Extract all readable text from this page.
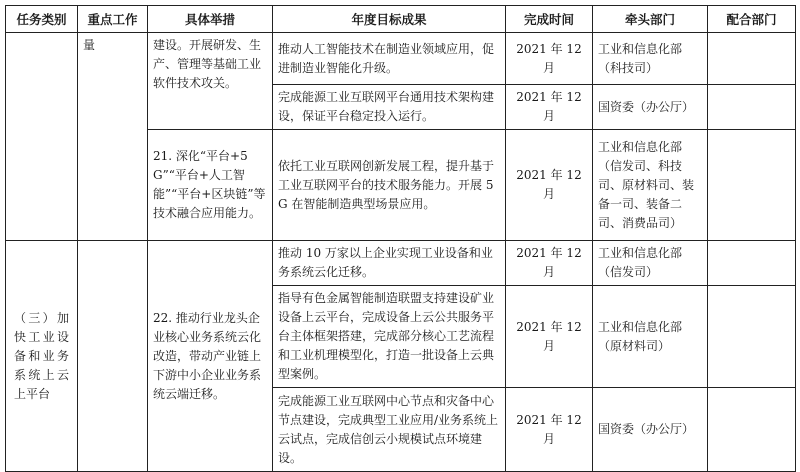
任务类别	重点工作	具体举措	年度目标成果	完成时间	牵头部门	配合部门
	量	建设。开展研发、生产、管理等基础工业软件技术攻关。	推动人工智能技术在制造业领域应用，促进制造业智能化升级。	2021 年 12 月	工业和信息化部（科技司）	
			完成能源工业互联网平台通用技术架构建设，保证平台稳定投入运行。	2021 年 12 月	国资委（办公厅）	
		21. 深化“平台+5G”“平台+人工智能”“平台+区块链”等技术融合应用能力。	依托工业互联网创新发展工程，提升基于工业互联网平台的技术服务能力。开展 5G 在智能制造典型场景应用。	2021 年 12 月	工业和信息化部（信发司、科技司、原材料司、装备一司、装备二司、消费品司）	
（三）加快工业设备和业务系统上云上平台		22. 推动行业龙头企业核心业务系统云化改造，带动产业链上下游中小企业业务系统云端迁移。	推动 10 万家以上企业实现工业设备和业务系统云化迁移。	2021 年 12 月	工业和信息化部（信发司）	
			指导有色金属智能制造联盟支持建设矿业设备上云平台，完成设备上云公共服务平台主体框架搭建，完成部分核心工艺流程和工业机理模型化，打造一批设备上云典型案例。	2021 年 12 月	工业和信息化部（原材料司）	
			完成能源工业互联网中心节点和灾备中心节点建设，完成典型工业应用/业务系统上云试点，完成信创云小规模试点环境建设。	2021 年 12 月	国资委（办公厅）	
